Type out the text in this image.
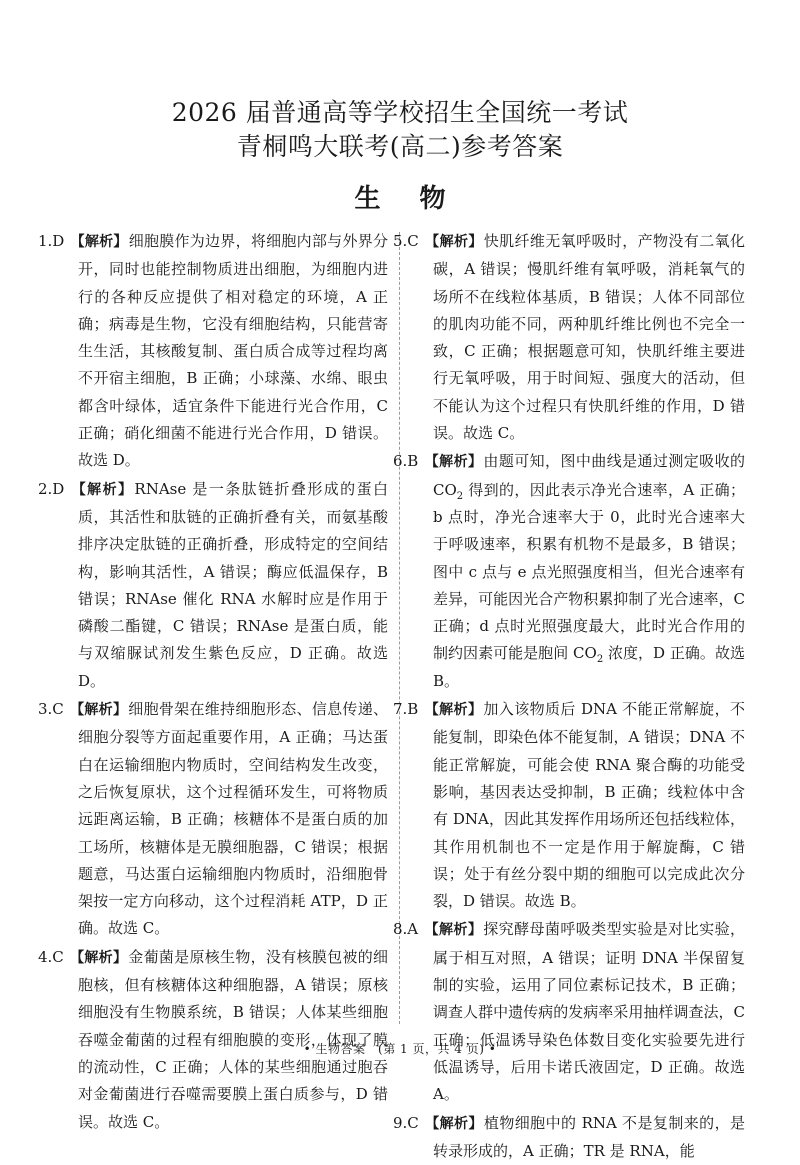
2026 届普通高等学校招生全国统一考试
青桐鸣大联考(高二)参考答案
生 物

1.D 【解析】细胞膜作为边界，将细胞内部与外界分开，同时也能控制物质进出细胞，为细胞内进行的各种反应提供了相对稳定的环境，A 正确；病毒是生物，它没有细胞结构，只能营寄生生活，其核酸复制、蛋白质合成等过程均离不开宿主细胞，B 正确；小球藻、水绵、眼虫都含叶绿体，适宜条件下能进行光合作用，C 正确；硝化细菌不能进行光合作用，D 错误。故选 D。

2.D 【解析】RNAse 是一条肽链折叠形成的蛋白质，其活性和肽链的正确折叠有关，而氨基酸排序决定肽链的正确折叠，形成特定的空间结构，影响其活性，A 错误；酶应低温保存，B 错误；RNAse 催化 RNA 水解时应是作用于磷酸二酯键，C 错误；RNAse 是蛋白质，能与双缩脲试剂发生紫色反应，D 正确。故选 D。

3.C 【解析】细胞骨架在维持细胞形态、信息传递、细胞分裂等方面起重要作用，A 正确；马达蛋白在运输细胞内物质时，空间结构发生改变，之后恢复原状，这个过程循环发生，可将物质远距离运输，B 正确；核糖体不是蛋白质的加工场所，核糖体是无膜细胞器，C 错误；根据题意，马达蛋白运输细胞内物质时，沿细胞骨架按一定方向移动，这个过程消耗 ATP，D 正确。故选 C。

4.C 【解析】金葡菌是原核生物，没有核膜包被的细胞核，但有核糖体这种细胞器，A 错误；原核细胞没有生物膜系统，B 错误；人体某些细胞吞噬金葡菌的过程有细胞膜的变形，体现了膜的流动性，C 正确；人体的某些细胞通过胞吞对金葡菌进行吞噬需要膜上蛋白质参与，D 错误。故选 C。

5.C 【解析】快肌纤维无氧呼吸时，产物没有二氧化碳，A 错误；慢肌纤维有氧呼吸，消耗氧气的场所不在线粒体基质，B 错误；人体不同部位的肌肉功能不同，两种肌纤维比例也不完全一致，C 正确；根据题意可知，快肌纤维主要进行无氧呼吸，用于时间短、强度大的活动，但不能认为这个过程只有快肌纤维的作用，D 错误。故选 C。

6.B 【解析】由题可知，图中曲线是通过测定吸收的 $CO_2$ 得到的，因此表示净光合速率，A 正确；b 点时，净光合速率大于 0，此时光合速率大于呼吸速率，积累有机物不是最多，B 错误；图中 c 点与 e 点光照强度相当，但光合速率有差异，可能因光合产物积累抑制了光合速率，C 正确；d 点时光照强度最大，此时光合作用的制约因素可能是胞间 $CO_2$ 浓度，D 正确。故选 B。

7.B 【解析】加入该物质后 DNA 不能正常解旋，不能复制，即染色体不能复制，A 错误；DNA 不能正常解旋，可能会使 RNA 聚合酶的功能受影响，基因表达受抑制，B 正确；线粒体中含有 DNA，因此其发挥作用场所还包括线粒体，其作用机制也不一定是作用于解旋酶，C 错误；处于有丝分裂中期的细胞可以完成此次分裂，D 错误。故选 B。

8.A 【解析】探究酵母菌呼吸类型实验是对比实验，属于相互对照，A 错误；证明 DNA 半保留复制的实验，运用了同位素标记技术，B 正确；调查人群中遗传病的发病率采用抽样调查法，C 正确；低温诱导染色体数目变化实验要先进行低温诱导，后用卡诺氏液固定，D 正确。故选 A。

9.C 【解析】植物细胞中的 RNA 不是复制来的，是转录形成的，A 正确；TR 是 RNA，能

• 生物答案　(第 1 页，共 4 页) •
